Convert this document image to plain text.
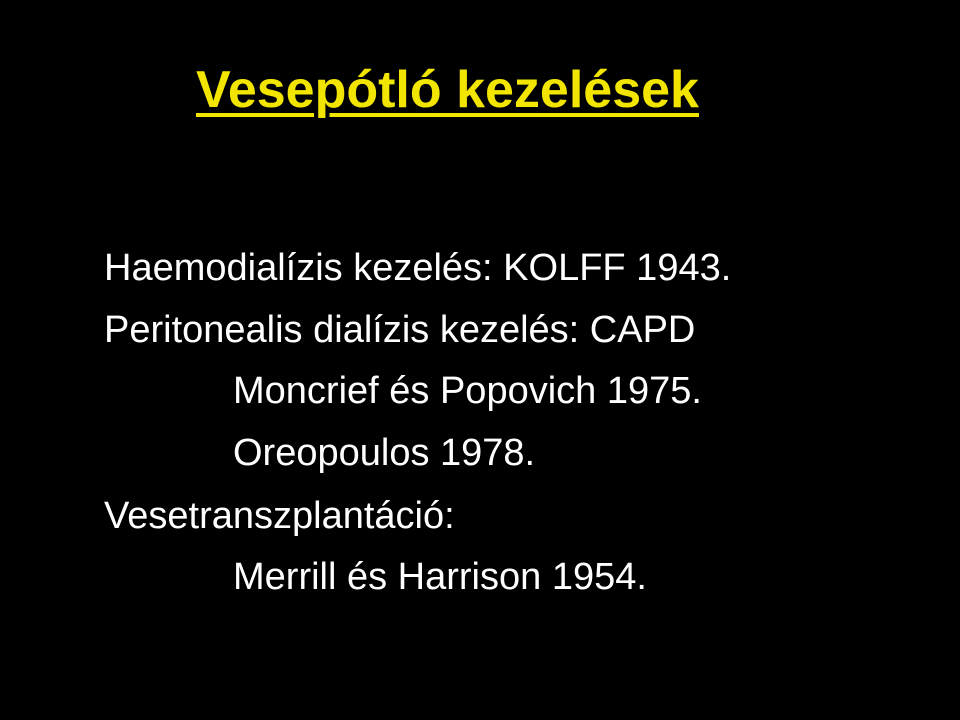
Vesepótló kezelések
Haemodialízis kezelés: KOLFF 1943.
Peritonealis dialízis kezelés: CAPD
Moncrief és Popovich 1975.
Oreopoulos 1978.
Vesetranszplantáció:
Merrill és Harrison 1954.
